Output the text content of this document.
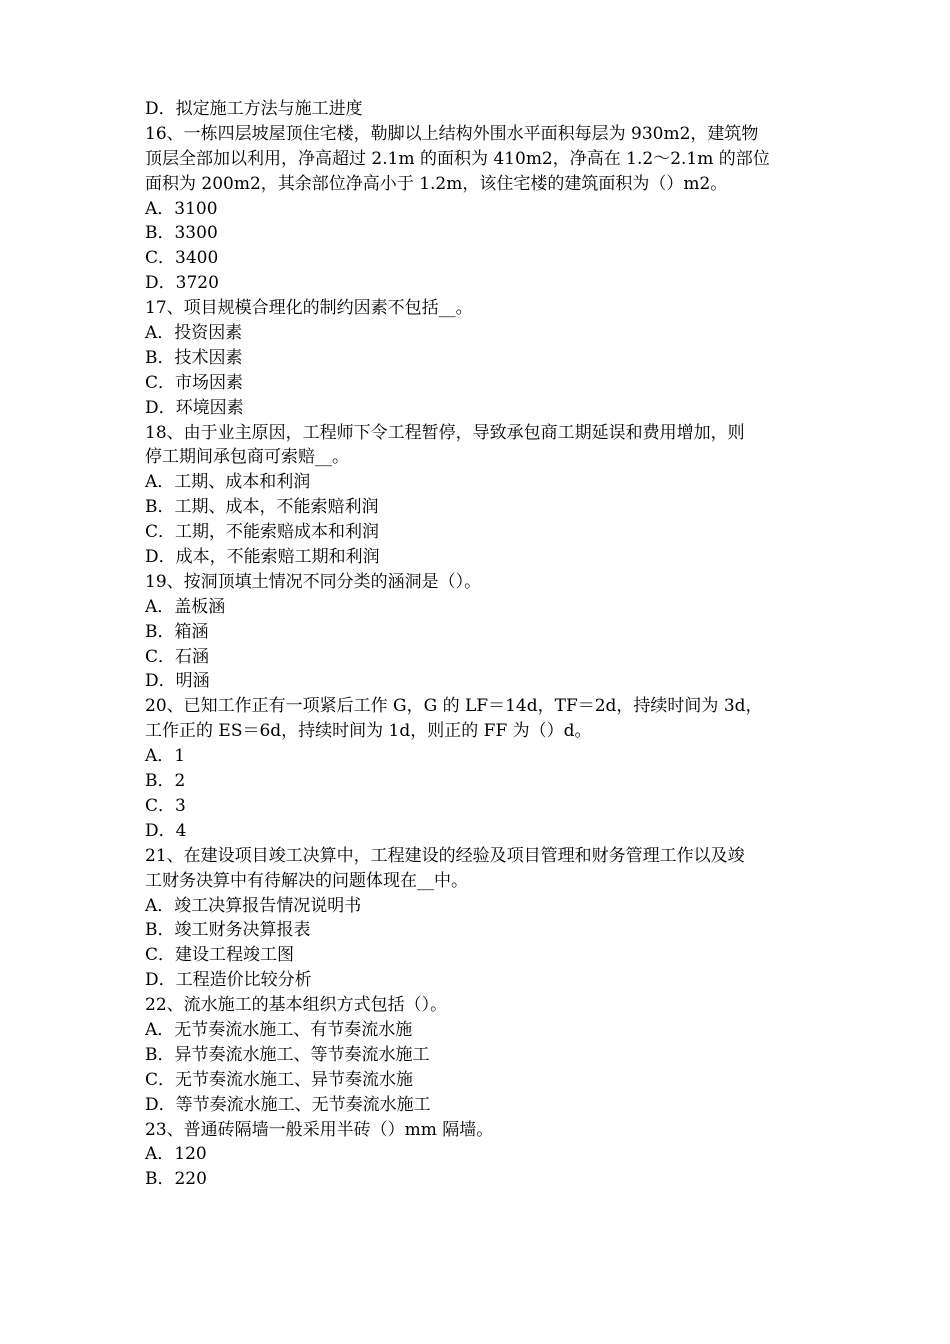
D．拟定施工方法与施工进度
16、一栋四层坡屋顶住宅楼，勒脚以上结构外围水平面积每层为 930m2，建筑物
顶层全部加以利用，净高超过 2.1m 的面积为 410m2，净高在 1.2～2.1m 的部位
面积为 200m2，其余部位净高小于 1.2m，该住宅楼的建筑面积为（）m2。
A．3100
B．3300
C．3400
D．3720
17、项目规模合理化的制约因素不包括__。
A．投资因素
B．技术因素
C．市场因素
D．环境因素
18、由于业主原因，工程师下令工程暂停，导致承包商工期延误和费用增加，则
停工期间承包商可索赔__。
A．工期、成本和利润
B．工期、成本，不能索赔利润
C．工期，不能索赔成本和利润
D．成本，不能索赔工期和利润
19、按洞顶填土情况不同分类的涵洞是（）。
A．盖板涵
B．箱涵
C．石涵
D．明涵
20、已知工作正有一项紧后工作 G，G 的 LF＝14d，TF＝2d，持续时间为 3d，
工作正的 ES＝6d，持续时间为 1d，则正的 FF 为（）d。
A．1
B．2
C．3
D．4
21、在建设项目竣工决算中，工程建设的经验及项目管理和财务管理工作以及竣
工财务决算中有待解决的问题体现在__中。
A．竣工决算报告情况说明书
B．竣工财务决算报表
C．建设工程竣工图
D．工程造价比较分析
22、流水施工的基本组织方式包括（）。
A．无节奏流水施工、有节奏流水施
B．异节奏流水施工、等节奏流水施工
C．无节奏流水施工、异节奏流水施
D．等节奏流水施工、无节奏流水施工
23、普通砖隔墙一般采用半砖（）mm 隔墙。
A．120
B．220
